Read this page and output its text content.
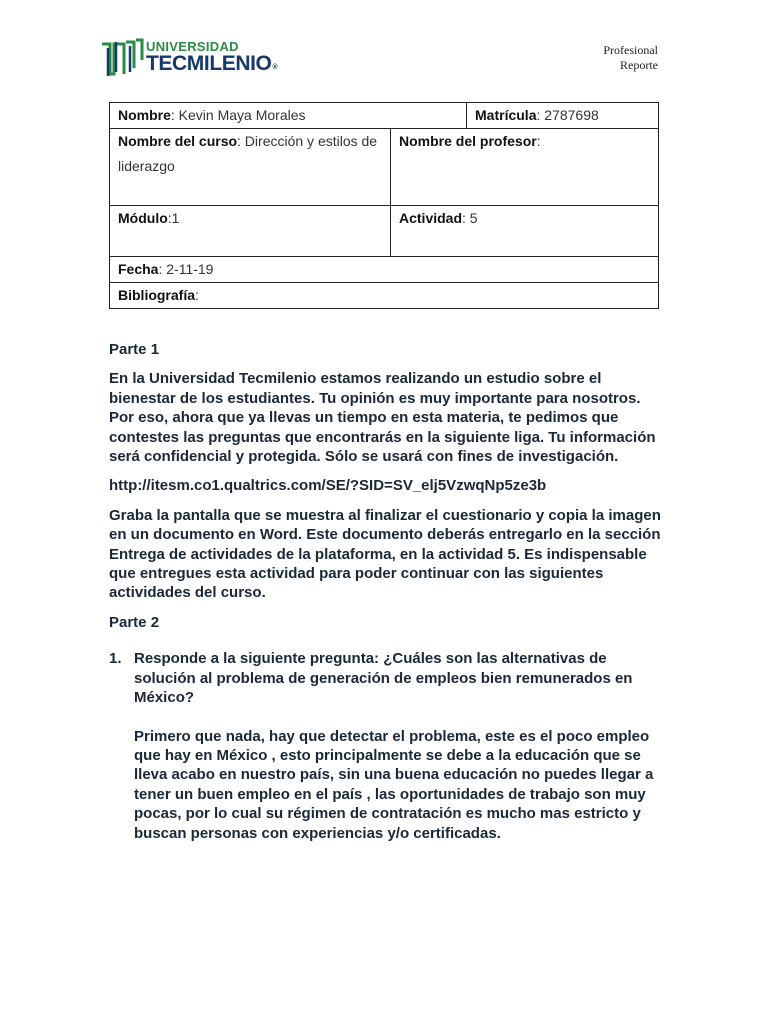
UNIVERSIDAD
TECMILENIO®
Profesional
Reporte
Nombre: Kevin Maya Morales		Matrícula: 2787698
Nombre del curso: Dirección y estilos de liderazgo	Nombre del profesor:	
Módulo:1	Actividad: 5	
Fecha: 2-11-19		
Bibliografía:		

Parte 1

En la Universidad Tecmilenio estamos realizando un estudio sobre el bienestar de los estudiantes. Tu opinión es muy importante para nosotros. Por eso, ahora que ya llevas un tiempo en esta materia, te pedimos que contestes las preguntas que encontrarás en la siguiente liga. Tu información será confidencial y protegida. Sólo se usará con fines de investigación.

http://itesm.co1.qualtrics.com/SE/?SID=SV_elj5VzwqNp5ze3b

Graba la pantalla que se muestra al finalizar el cuestionario y copia la imagen en un documento en Word. Este documento deberás entregarlo en la sección Entrega de actividades de la plataforma, en la actividad 5. Es indispensable que entregues esta actividad para poder continuar con las siguientes actividades del curso.

Parte 2

1. Responde a la siguiente pregunta: ¿Cuáles son las alternativas de solución al problema de generación de empleos bien remunerados en México?

Primero que nada, hay que detectar el problema, este es el poco empleo que hay en México , esto principalmente se debe a la educación que se lleva acabo en nuestro país, sin una buena educación no puedes llegar a tener un buen empleo en el país , las oportunidades de trabajo son muy pocas, por lo cual su régimen de contratación es mucho mas estricto y buscan personas con experiencias y/o certificadas.
